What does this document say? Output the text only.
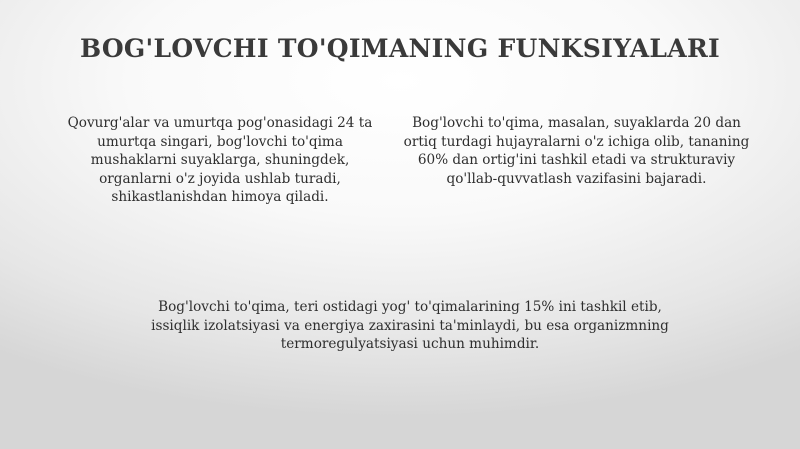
BOG'LOVCHI TO'QIMANING FUNKSIYALARI

Qovurg'alar va umurtqa pog'onasidagi 24 ta umurtqa singari, bog'lovchi to'qima mushaklarni suyaklarga, shuningdek, organlarni o'z joyida ushlab turadi, shikastlanishdan himoya qiladi.

Bog'lovchi to'qima, masalan, suyaklarda 20 dan ortiq turdagi hujayralarni o'z ichiga olib, tananing 60% dan ortig'ini tashkil etadi va strukturaviy qo'llab-quvvatlash vazifasini bajaradi.

Bog'lovchi to'qima, teri ostidagi yog' to'qimalarining 15% ini tashkil etib, issiqlik izolatsiyasi va energiya zaxirasini ta'minlaydi, bu esa organizmning termoregulyatsiyasi uchun muhimdir.
